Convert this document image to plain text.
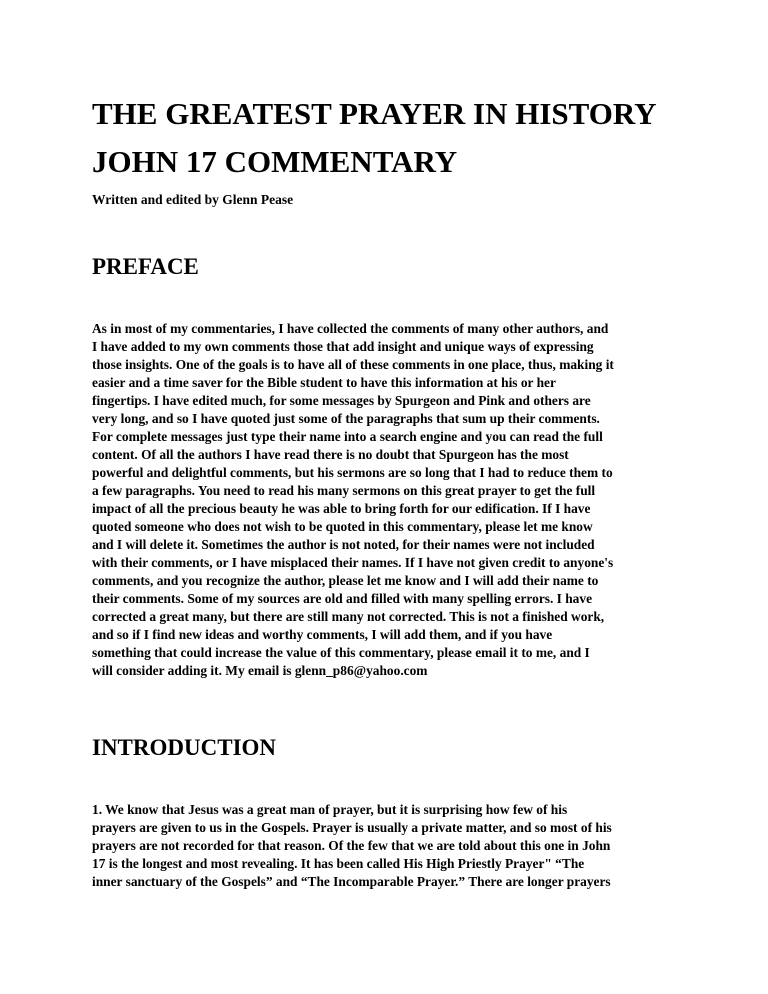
THE GREATEST PRAYER IN HISTORY
JOHN 17 COMMENTARY

Written and edited by Glenn Pease

PREFACE
As in most of my commentaries, I have collected the comments of many other authors, and
I have added to my own comments those that add insight and unique ways of expressing
those insights. One of the goals is to have all of these comments in one place, thus, making it
easier and a time saver for the Bible student to have this information at his or her
fingertips. I have edited much, for some messages by Spurgeon and Pink and others are
very long, and so I have quoted just some of the paragraphs that sum up their comments.
For complete messages just type their name into a search engine and you can read the full
content. Of all the authors I have read there is no doubt that Spurgeon has the most
powerful and delightful comments, but his sermons are so long that I had to reduce them to
a few paragraphs. You need to read his many sermons on this great prayer to get the full
impact of all the precious beauty he was able to bring forth for our edification. If I have
quoted someone who does not wish to be quoted in this commentary, please let me know
and I will delete it. Sometimes the author is not noted, for their names were not included
with their comments, or I have misplaced their names. If I have not given credit to anyone's
comments, and you recognize the author, please let me know and I will add their name to
their comments. Some of my sources are old and filled with many spelling errors. I have
corrected a great many, but there are still many not corrected. This is not a finished work,
and so if I find new ideas and worthy comments, I will add them, and if you have
something that could increase the value of this commentary, please email it to me, and I
will consider adding it. My email is glenn_p86@yahoo.com
INTRODUCTION
1. We know that Jesus was a great man of prayer, but it is surprising how few of his
prayers are given to us in the Gospels. Prayer is usually a private matter, and so most of his
prayers are not recorded for that reason. Of the few that we are told about this one in John
17 is the longest and most revealing. It has been called His High Priestly Prayer" “The
inner sanctuary of the Gospels” and “The Incomparable Prayer.” There are longer prayers
